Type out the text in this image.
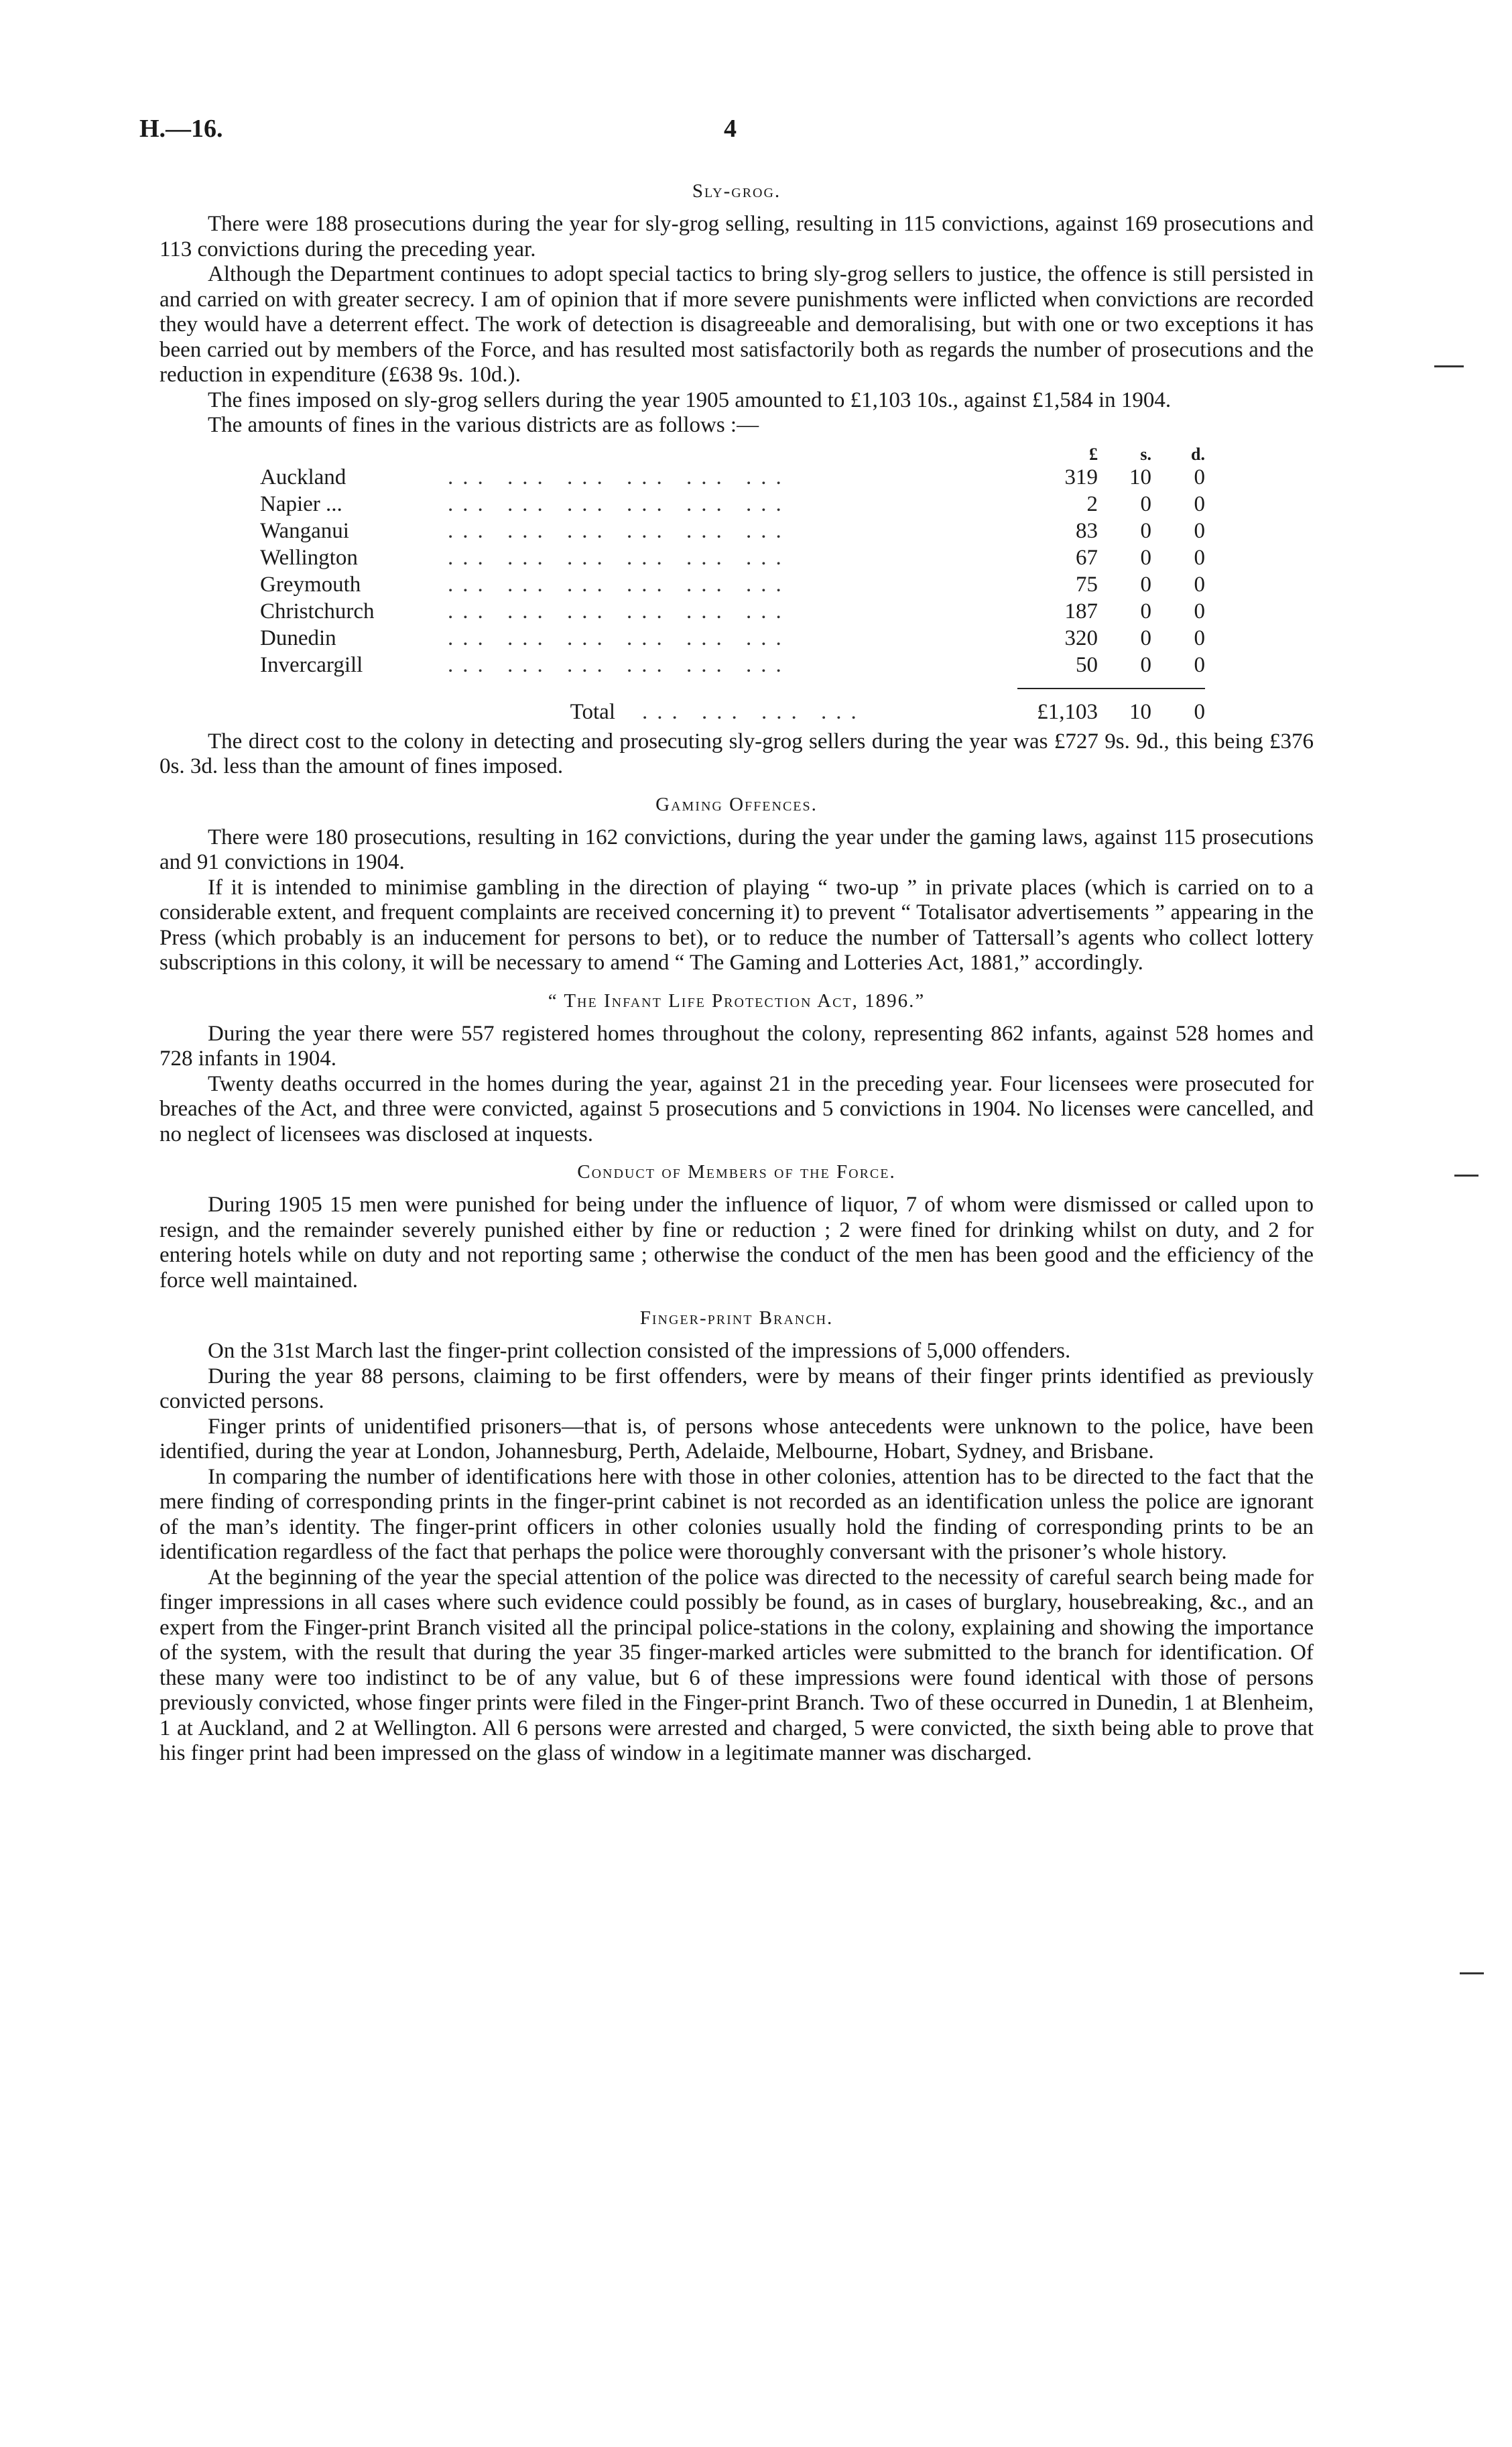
H.—16.	4
Sly-grog.

There were 188 prosecutions during the year for sly-grog selling, resulting in 115 convictions, against 169 prosecutions and 113 convictions during the preceding year.

Although the Department continues to adopt special tactics to bring sly-grog sellers to justice, the offence is still persisted in and carried on with greater secrecy. I am of opinion that if more severe punishments were inflicted when convictions are recorded they would have a deterrent effect. The work of detection is disagreeable and demoralising, but with one or two exceptions it has been carried out by members of the Force, and has resulted most satisfactorily both as regards the number of prosecutions and the reduction in expenditure (£638 9s. 10d.).

The fines imposed on sly-grog sellers during the year 1905 amounted to £1,103 10s., against £1,584 in 1904.

The amounts of fines in the various districts are as follows :—

£	s.	d.
Auckland	... ... ... ... ... ...	319	10	0
Napier ...	... ... ... ... ... ...	2	0	0
Wanganui	... ... ... ... ... ...	83	0	0
Wellington	... ... ... ... ... ...	67	0	0
Greymouth	... ... ... ... ... ...	75	0	0
Christchurch	... ... ... ... ... ...	187	0	0
Dunedin	... ... ... ... ... ...	320	0	0
Invercargill	... ... ... ... ... ...	50	0	0
Total	... ... ... ...	£1,103	10	0

The direct cost to the colony in detecting and prosecuting sly-grog sellers during the year was £727 9s. 9d., this being £376 0s. 3d. less than the amount of fines imposed.

Gaming Offences.

There were 180 prosecutions, resulting in 162 convictions, during the year under the gaming laws, against 115 prosecutions and 91 convictions in 1904.

If it is intended to minimise gambling in the direction of playing “ two-up ” in private places (which is carried on to a considerable extent, and frequent complaints are received concerning it) to prevent “ Totalisator advertisements ” appearing in the Press (which probably is an inducement for persons to bet), or to reduce the number of Tattersall’s agents who collect lottery subscriptions in this colony, it will be necessary to amend “ The Gaming and Lotteries Act, 1881,” accordingly.

“ The Infant Life Protection Act, 1896.”

During the year there were 557 registered homes throughout the colony, representing 862 infants, against 528 homes and 728 infants in 1904.

Twenty deaths occurred in the homes during the year, against 21 in the preceding year. Four licensees were prosecuted for breaches of the Act, and three were convicted, against 5 prosecutions and 5 convictions in 1904. No licenses were cancelled, and no neglect of licensees was disclosed at inquests.

Conduct of Members of the Force.

During 1905 15 men were punished for being under the influence of liquor, 7 of whom were dismissed or called upon to resign, and the remainder severely punished either by fine or reduction ; 2 were fined for drinking whilst on duty, and 2 for entering hotels while on duty and not reporting same ; otherwise the conduct of the men has been good and the efficiency of the force well maintained.

Finger-print Branch.

On the 31st March last the finger-print collection consisted of the impressions of 5,000 offenders.

During the year 88 persons, claiming to be first offenders, were by means of their finger prints identified as previously convicted persons.

Finger prints of unidentified prisoners—that is, of persons whose antecedents were unknown to the police, have been identified, during the year at London, Johannesburg, Perth, Adelaide, Melbourne, Hobart, Sydney, and Brisbane.

In comparing the number of identifications here with those in other colonies, attention has to be directed to the fact that the mere finding of corresponding prints in the finger-print cabinet is not recorded as an identification unless the police are ignorant of the man’s identity. The finger-print officers in other colonies usually hold the finding of corresponding prints to be an identification regardless of the fact that perhaps the police were thoroughly conversant with the prisoner’s whole history.

At the beginning of the year the special attention of the police was directed to the necessity of careful search being made for finger impressions in all cases where such evidence could possibly be found, as in cases of burglary, housebreaking, &c., and an expert from the Finger-print Branch visited all the principal police-stations in the colony, explaining and showing the importance of the system, with the result that during the year 35 finger-marked articles were submitted to the branch for identification. Of these many were too indistinct to be of any value, but 6 of these impressions were found identical with those of persons previously convicted, whose finger prints were filed in the Finger-print Branch. Two of these occurred in Dunedin, 1 at Blenheim, 1 at Auckland, and 2 at Wellington. All 6 persons were arrested and charged, 5 were convicted, the sixth being able to prove that his finger print had been impressed on the glass of window in a legitimate manner was discharged.
